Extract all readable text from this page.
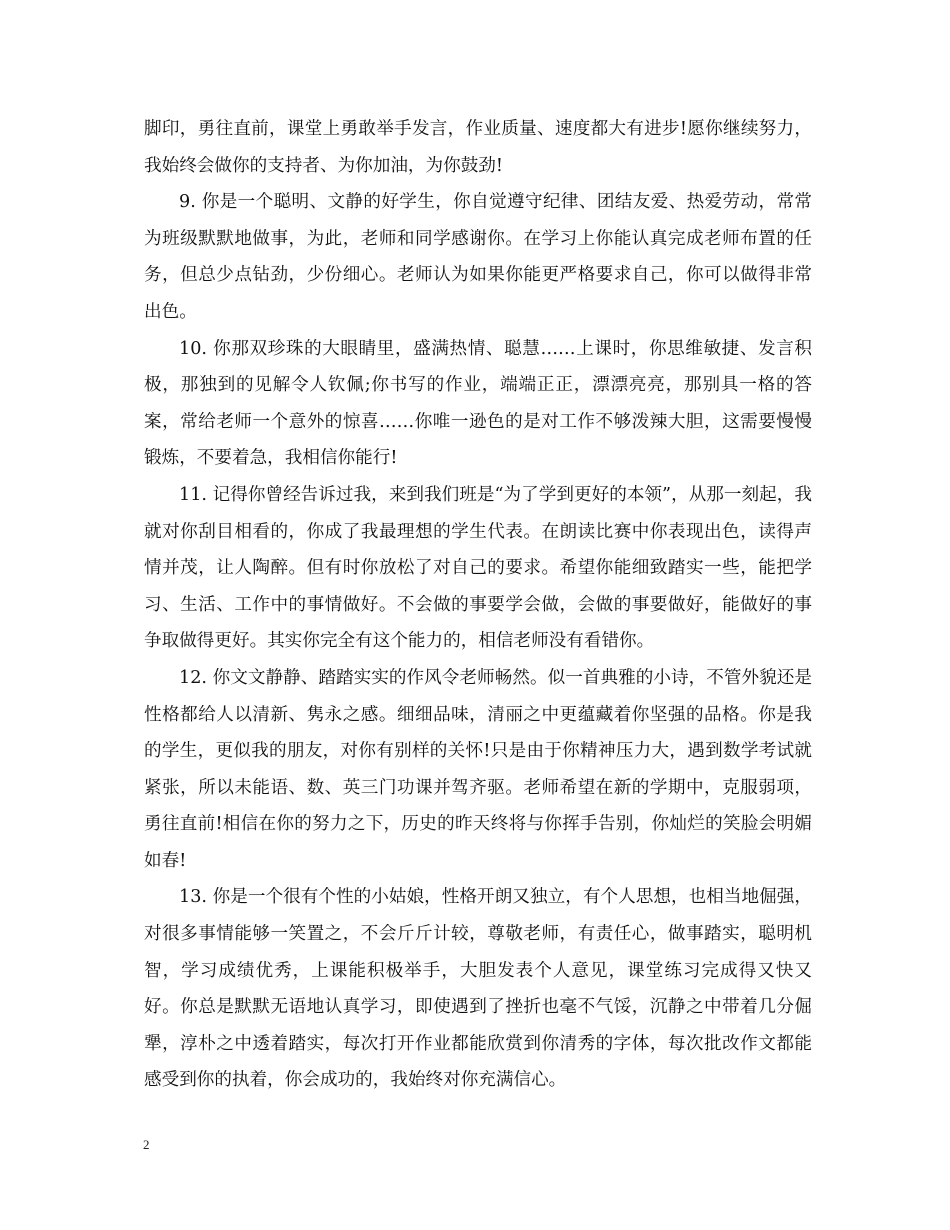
脚印，勇往直前，课堂上勇敢举手发言，作业质量、速度都大有进步!愿你继续努力，我始终会做你的支持者、为你加油，为你鼓劲!

9. 你是一个聪明、文静的好学生，你自觉遵守纪律、团结友爱、热爱劳动，常常为班级默默地做事，为此，老师和同学感谢你。在学习上你能认真完成老师布置的任务，但总少点钻劲，少份细心。老师认为如果你能更严格要求自己，你可以做得非常出色。

10. 你那双珍珠的大眼睛里，盛满热情、聪慧……上课时，你思维敏捷、发言积极，那独到的见解令人钦佩;你书写的作业，端端正正，漂漂亮亮，那别具一格的答案，常给老师一个意外的惊喜……你唯一逊色的是对工作不够泼辣大胆，这需要慢慢锻炼，不要着急，我相信你能行!

11. 记得你曾经告诉过我，来到我们班是“为了学到更好的本领”，从那一刻起，我就对你刮目相看的，你成了我最理想的学生代表。在朗读比赛中你表现出色，读得声情并茂，让人陶醉。但有时你放松了对自己的要求。希望你能细致踏实一些，能把学习、生活、工作中的事情做好。不会做的事要学会做，会做的事要做好，能做好的事争取做得更好。其实你完全有这个能力的，相信老师没有看错你。

12. 你文文静静、踏踏实实的作风令老师畅然。似一首典雅的小诗，不管外貌还是性格都给人以清新、隽永之感。细细品味，清丽之中更蕴藏着你坚强的品格。你是我的学生，更似我的朋友，对你有别样的关怀!只是由于你精神压力大，遇到数学考试就紧张，所以未能语、数、英三门功课并驾齐驱。老师希望在新的学期中，克服弱项，勇往直前!相信在你的努力之下，历史的昨天终将与你挥手告别，你灿烂的笑脸会明媚如春!

13. 你是一个很有个性的小姑娘，性格开朗又独立，有个人思想，也相当地倔强，对很多事情能够一笑置之，不会斤斤计较，尊敬老师，有责任心，做事踏实，聪明机智，学习成绩优秀，上课能积极举手，大胆发表个人意见，课堂练习完成得又快又好。你总是默默无语地认真学习，即使遇到了挫折也毫不气馁，沉静之中带着几分倔犟，淳朴之中透着踏实，每次打开作业都能欣赏到你清秀的字体，每次批改作文都能感受到你的执着，你会成功的，我始终对你充满信心。

2
